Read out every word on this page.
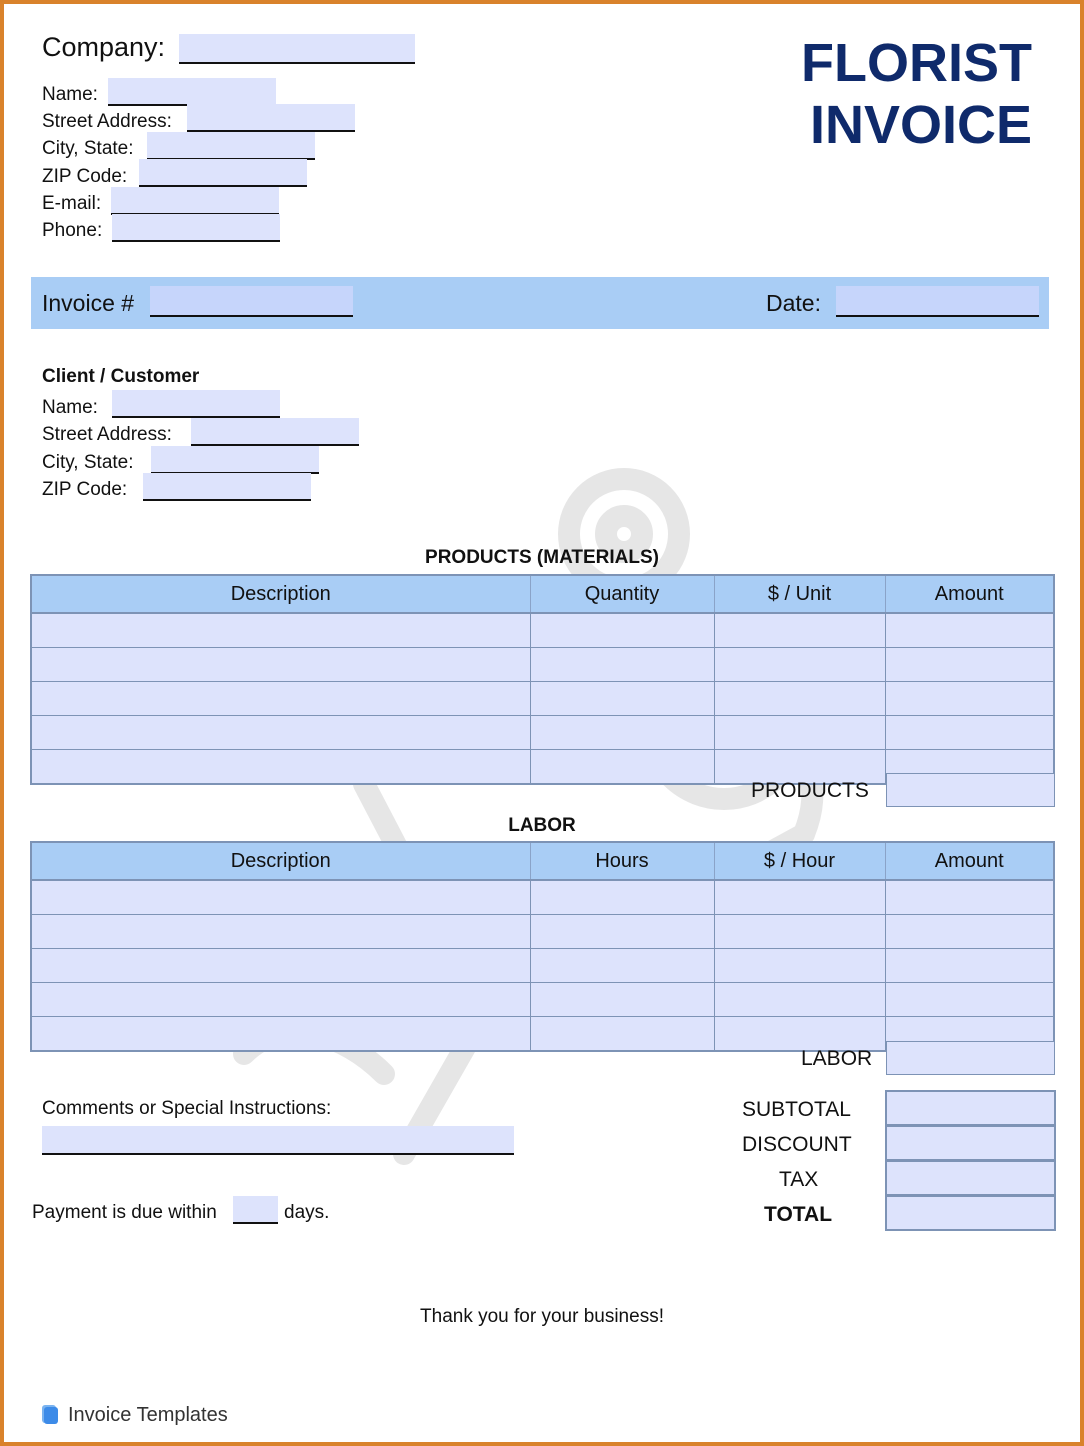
Company:	FLORIST
INVOICE
Name:
Street Address:
City, State:
ZIP Code:
E-mail:
Phone:
Invoice #	Date:
Client / Customer
Name:
Street Address:
City, State:
ZIP Code:
PRODUCTS (MATERIALS)
Description	Quantity	$ / Unit	Amount

PRODUCTS
LABOR
Description	Hours	$ / Hour	Amount

LABOR
Comments or Special Instructions:
Payment is due within	days.
SUBTOTAL
DISCOUNT
TAX
TOTAL
Thank you for your business!
Invoice Templates
